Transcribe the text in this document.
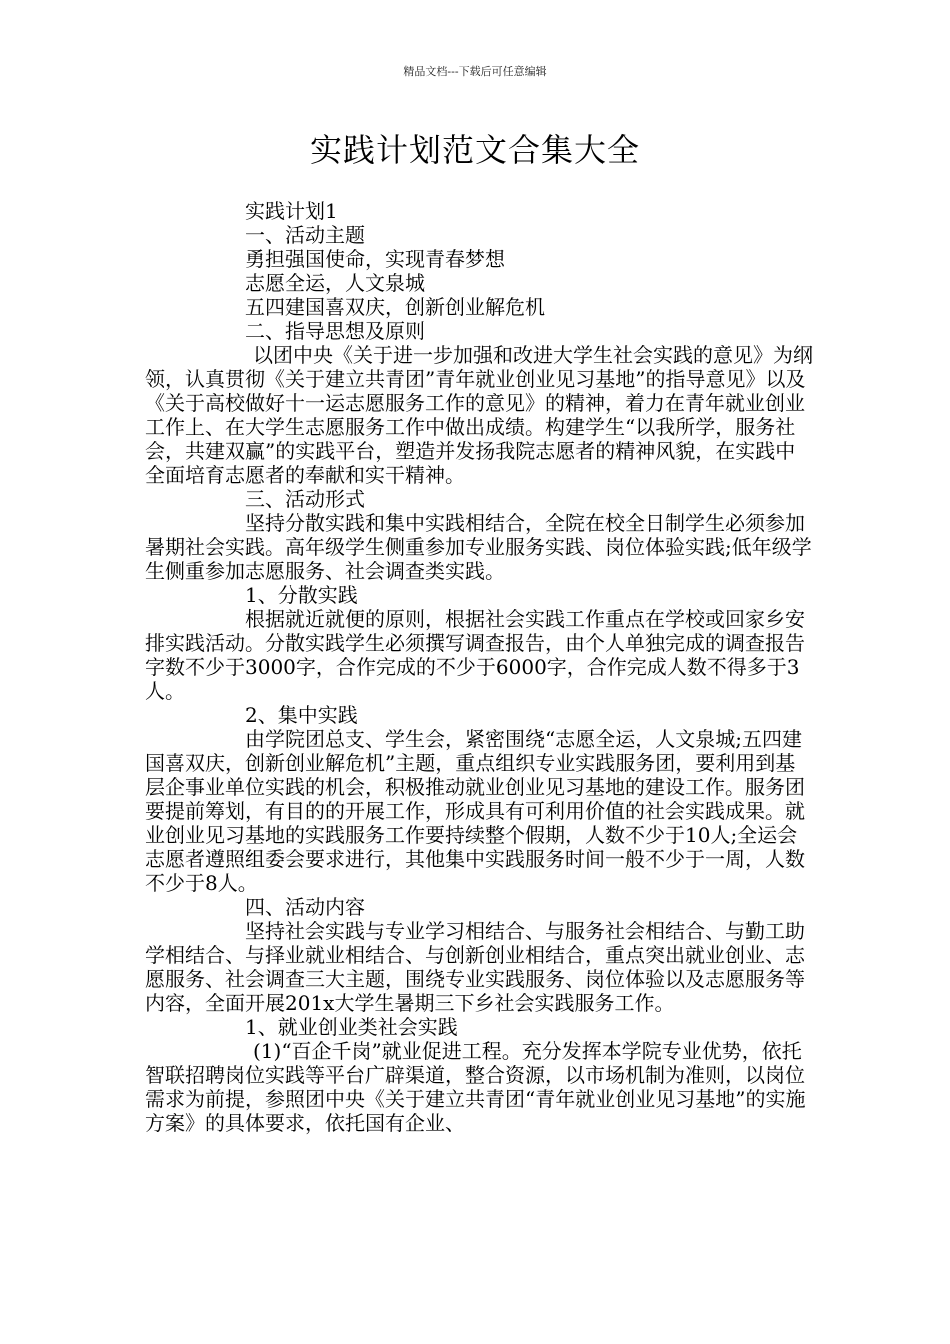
精品文档---下载后可任意编辑
实践计划范文合集大全

实践计划1

一、活动主题

勇担强国使命，实现青春梦想

志愿全运，人文泉城

五四建国喜双庆，创新创业解危机

二、指导思想及原则

以团中央《关于进一步加强和改进大学生社会实践的意见》为纲领，认真贯彻《关于建立共青团”青年就业创业见习基地”的指导意见》以及《关于高校做好十一运志愿服务工作的意见》的精神，着力在青年就业创业工作上、在大学生志愿服务工作中做出成绩。构建学生“以我所学，服务社会，共建双赢”的实践平台，塑造并发扬我院志愿者的精神风貌，在实践中全面培育志愿者的奉献和实干精神。

三、活动形式

坚持分散实践和集中实践相结合，全院在校全日制学生必须参加暑期社会实践。高年级学生侧重参加专业服务实践、岗位体验实践;低年级学生侧重参加志愿服务、社会调查类实践。

1、分散实践

根据就近就便的原则，根据社会实践工作重点在学校或回家乡安排实践活动。分散实践学生必须撰写调查报告，由个人单独完成的调查报告字数不少于3000字，合作完成的不少于6000字，合作完成人数不得多于3人。

2、集中实践

由学院团总支、学生会，紧密围绕“志愿全运，人文泉城;五四建国喜双庆，创新创业解危机”主题，重点组织专业实践服务团，要利用到基层企事业单位实践的机会，积极推动就业创业见习基地的建设工作。服务团要提前筹划，有目的的开展工作，形成具有可利用价值的社会实践成果。就业创业见习基地的实践服务工作要持续整个假期，人数不少于10人;全运会志愿者遵照组委会要求进行，其他集中实践服务时间一般不少于一周，人数不少于8人。

四、活动内容

坚持社会实践与专业学习相结合、与服务社会相结合、与勤工助学相结合、与择业就业相结合、与创新创业相结合，重点突出就业创业、志愿服务、社会调查三大主题，围绕专业实践服务、岗位体验以及志愿服务等内容，全面开展201x大学生暑期三下乡社会实践服务工作。

1、就业创业类社会实践

(1)“百企千岗”就业促进工程。充分发挥本学院专业优势，依托智联招聘岗位实践等平台广辟渠道，整合资源，以市场机制为准则，以岗位需求为前提，参照团中央《关于建立共青团“青年就业创业见习基地”的实施方案》的具体要求，依托国有企业、
